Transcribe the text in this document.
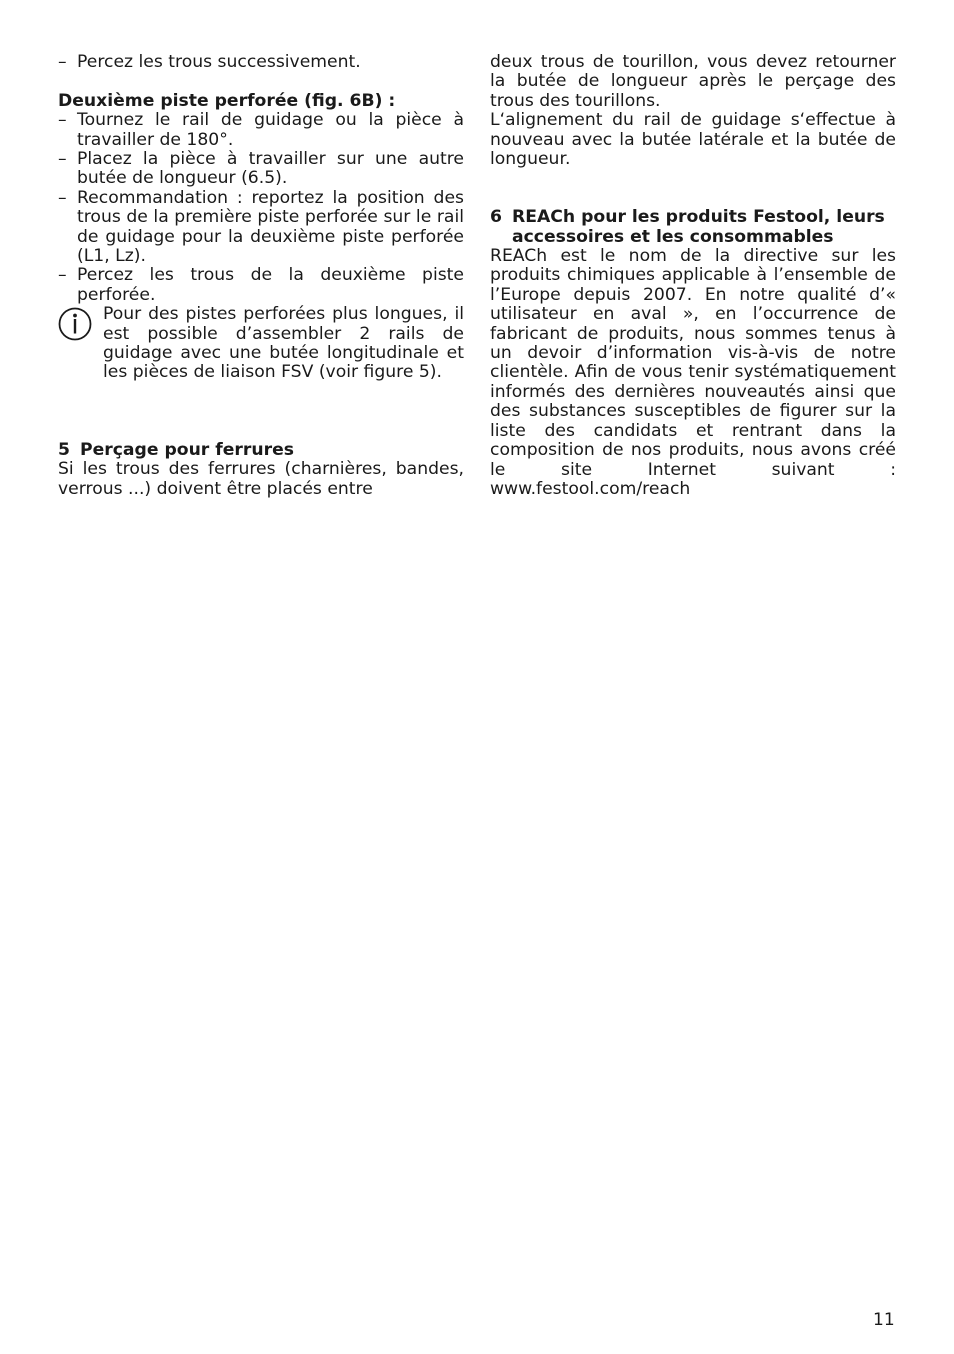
– Percez les trous successivement.

Deuxième piste perforée (fig. 6B) :

– Tournez le rail de guidage ou la pièce à travailler de 180°.
– Placez la pièce à travailler sur une autre butée de longueur (6.5).
– Recommandation : reportez la position des trous de la première piste perforée sur le rail de guidage pour la deuxième piste perforée (L1, Lz).
– Percez les trous de la deuxième piste perforée.
Pour des pistes perforées plus longues, il est possible d’assembler 2 rails de guidage avec une butée longitudinale et les pièces de liaison FSV (voir figure 5).

5 Perçage pour ferrures

Si les trous des ferrures (charnières, bandes, verrous ...) doivent être placés entre

deux trous de tourillon, vous devez retourner la butée de longueur après le perçage des trous des tourillons.

L‘alignement du rail de guidage s‘effectue à nouveau avec la butée latérale et la butée de longueur.

6 REACh pour les produits Festool, leurs accessoires et les consommables

REACh est le nom de la directive sur les produits chimiques applicable à l’ensemble de l’Europe depuis 2007. En notre qualité d’« utilisateur en aval », en l’occurrence de fabricant de produits, nous sommes tenus à un devoir d’information vis-à-vis de notre clientèle. Afin de vous tenir systématiquement informés des dernières nouveautés ainsi que des substances susceptibles de figurer sur la liste des candidats et rentrant dans la composition de nos produits, nous avons créé le site Internet suivant : www.festool.com/reach

11
